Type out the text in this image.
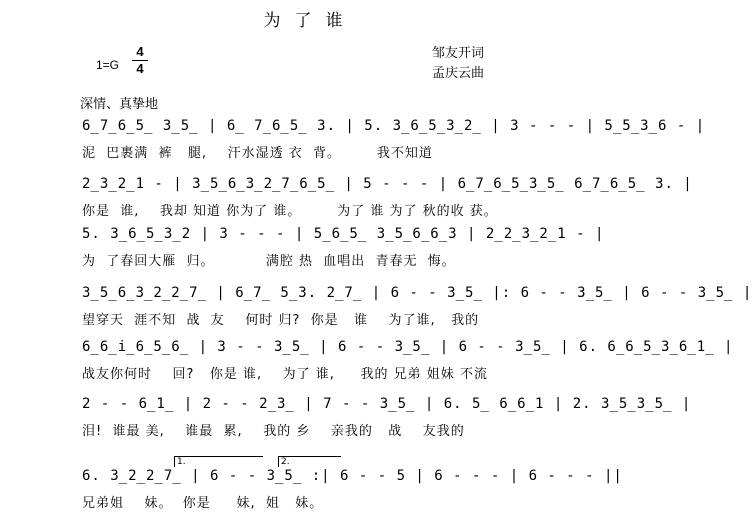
为了谁
1=G
4
4
邹友开词
孟庆云曲
深情、真挚地
6̲7̲6̲5̲ 3̲5̲ | 6̲ 7̲6̲5̲ 3. | 5. 3̲6̲5̲3̲2̲ | 3 - - - | 5̲5̲3̲6 - |
泥  巴裹满  裤   腿,    汗水湿透 衣  背。       我不知道
2̲3̲2̲1 - | 3̲5̲6̲3̲2̲7̲6̲5̲ | 5 - - - | 6̲7̲6̲5̲3̲5̲ 6̲7̲6̲5̲ 3. |
你是  谁,    我却 知道 你为了 谁。       为了 谁 为了 秋的收 获。
5. 3̲6̲5̲3̲2 | 3 - - - | 5̲6̲5̲ 3̲5̲6̲6̲3 | 2̲2̲3̲2̲1 - |
为  了春回大雁  归。          满腔 热  血唱出  青春无  悔。
3̲5̲6̲3̲2̲2̲7̲ | 6̲7̲ 5̲3. 2̲7̲ | 6 - - 3̲5̲ |: 6 - - 3̲5̲ | 6 - - 3̲5̲ |
望穿天  涯不知  战  友    何时 归?  你是   谁    为了谁,   我的
6̲6̲i̲6̲5̲6̲ | 3 - - 3̲5̲ | 6 - - 3̲5̲ | 6 - - 3̲5̲ | 6. 6̲6̲5̲3̲6̲1̲ |
战友你何时    回?   你是 谁,    为了 谁,     我的 兄弟 姐妹 不流
2 - - 6̲1̲ | 2 - - 2̲3̲ | 7 - - 3̲5̲ | 6. 5̲ 6̲6̲1 | 2. 3̲5̲3̲5̲ |
泪!  谁最 美,    谁最  累,    我的 乡    亲我的   战    友我的
1.	2.
6. 3̲2̲2̲7̲ | 6 - - 3̲5̲ :| 6 - - 5 | 6 - - - | 6 - - - ||
兄弟姐    妹。  你是     妹,  姐   妹。
